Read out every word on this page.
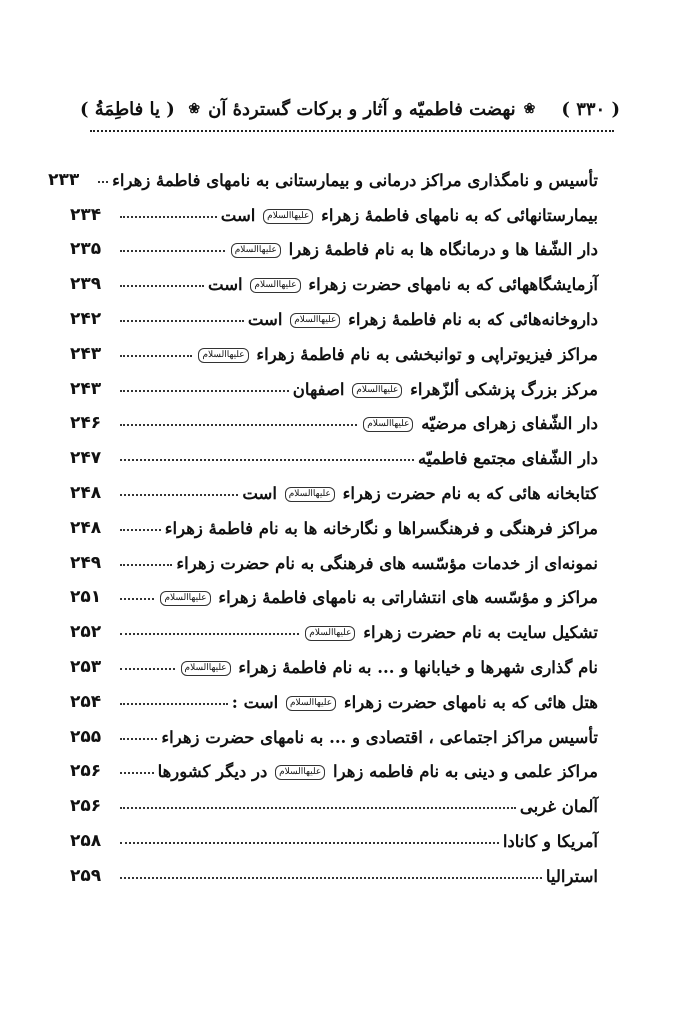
( ۳۳۰ )
❀
نهضت فاطمیّه و آثار و برکات گستردهٔ آن
❀
( یا فاطِمَةُ )
تأسیس و نامگذاری مراکز درمانی و بیمارستانی به نامهای فاطمهٔ زهراء
۲۳۳
بیمارستانهائی که به نامهای فاطمهٔ زهراء علیهاالسلام است
۲۳۴
دار الشّفا ها و درمانگاه ها به نام فاطمهٔ زهرا علیهاالسلام
۲۳۵
آزمایشگاههائی که به نامهای حضرت زهراء علیهاالسلام است
۲۳۹
داروخانه‌هائی که به نام فاطمهٔ زهراء علیهاالسلام است
۲۴۲
مراکز فیزیوتراپی و توانبخشی به نام فاطمهٔ زهراء علیهاالسلام
۲۴۳
مرکز بزرگ پزشکی ألزّهراء علیهاالسلام اصفهان
۲۴۳
دار الشّفای زهرای مرضیّه علیهاالسلام
۲۴۶
دار الشّفای مجتمع فاطمیّه
۲۴۷
کتابخانه هائی که به نام حضرت زهراء علیهاالسلام است
۲۴۸
مراکز فرهنگی و فرهنگسراها و نگارخانه ها به نام فاطمهٔ زهراء
۲۴۸
نمونه‌ای از خدمات مؤسّسه های فرهنگی به نام حضرت زهراء
۲۴۹
مراکز و مؤسّسه های انتشاراتی به نامهای فاطمهٔ زهراء علیهاالسلام
۲۵۱
تشکیل سایت به نام حضرت زهراء علیهاالسلام
۲۵۲
نام گذاری شهرها و خیابانها و ... به نام فاطمهٔ زهراء علیهاالسلام
۲۵۳
هتل هائی که به نامهای حضرت زهراء علیهاالسلام است :
۲۵۴
تأسیس مراکز اجتماعی ، اقتصادی و ... به نامهای حضرت زهراء
۲۵۵
مراکز علمی و دینی به نام فاطمه زهرا علیهاالسلام در دیگر کشورها
۲۵۶
آلمان غربی
۲۵۶
آمریکا و کانادا
۲۵۸
استرالیا
۲۵۹
